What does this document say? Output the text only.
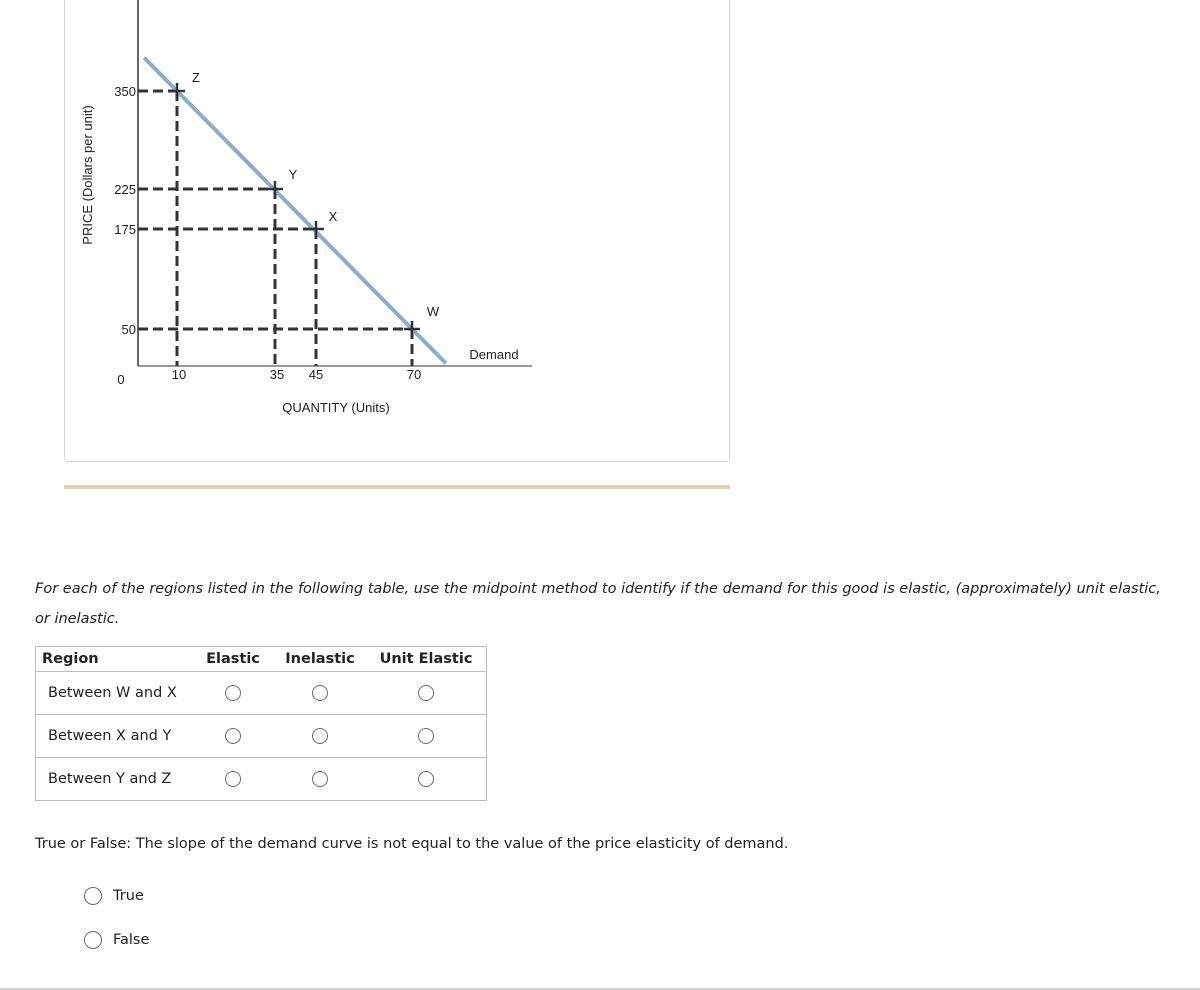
350
225
175
50
0	10	35 45	70
Z
Y
X
W
Demand
QUANTITY (Units)
PRICE (Dollars per unit)
For each of the regions listed in the following table, use the midpoint method to identify if the demand for this good is elastic, (approximately) unit elastic, or inelastic.
Region	Elastic	Inelastic	Unit Elastic
Between W and X			
Between X and Y			
Between Y and Z			
True or False: The slope of the demand curve is not equal to the value of the price elasticity of demand.
True
False
